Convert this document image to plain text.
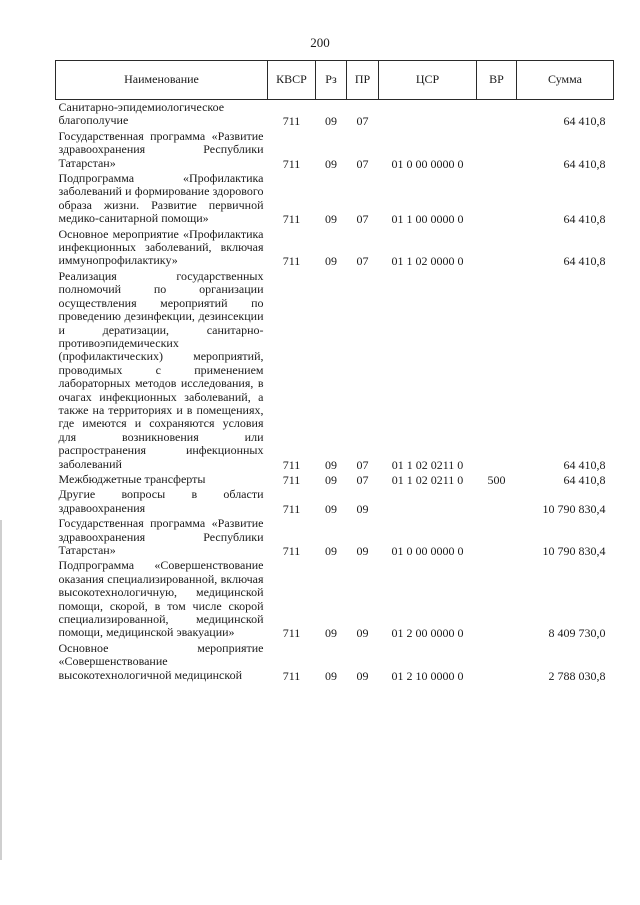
200
Наименование	КВСР	Рз	ПР	ЦСР	ВР	Сумма
Санитарно-эпидемиологическое благополучие	711	09	07			64 410,8
Государственная программа «Развитие здравоохранения Республики Татарстан»	711	09	07	01 0 00 0000 0		64 410,8
Подпрограмма «Профилактика заболеваний и формирование здорового образа жизни. Развитие первичной медико-санитарной помощи»	711	09	07	01 1 00 0000 0		64 410,8
Основное мероприятие «Профилактика инфекционных заболеваний, включая иммунопрофилактику»	711	09	07	01 1 02 0000 0		64 410,8
Реализация государственных полномочий по организации осуществления мероприятий по проведению дезинфекции, дезинсекции и дератизации, санитарно-противоэпидемических (профилактических) мероприятий, проводимых с применением лабораторных методов исследования, в очагах инфекционных заболеваний, а также на территориях и в помещениях, где имеются и сохраняются условия для возникновения или распространения инфекционных заболеваний	711	09	07	01 1 02 0211 0		64 410,8
Межбюджетные трансферты	711	09	07	01 1 02 0211 0	500	64 410,8
Другие вопросы в области здравоохранения	711	09	09			10 790 830,4
Государственная программа «Развитие здравоохранения Республики Татарстан»	711	09	09	01 0 00 0000 0		10 790 830,4
Подпрограмма «Совершенствование оказания специализированной, включая высокотехнологичную, медицинской помощи, скорой, в том числе скорой специализированной, медицинской помощи, медицинской эвакуации»	711	09	09	01 2 00 0000 0		8 409 730,0
Основное мероприятие «Совершенствование высокотехнологичной медицинской	711	09	09	01 2 10 0000 0		2 788 030,8
